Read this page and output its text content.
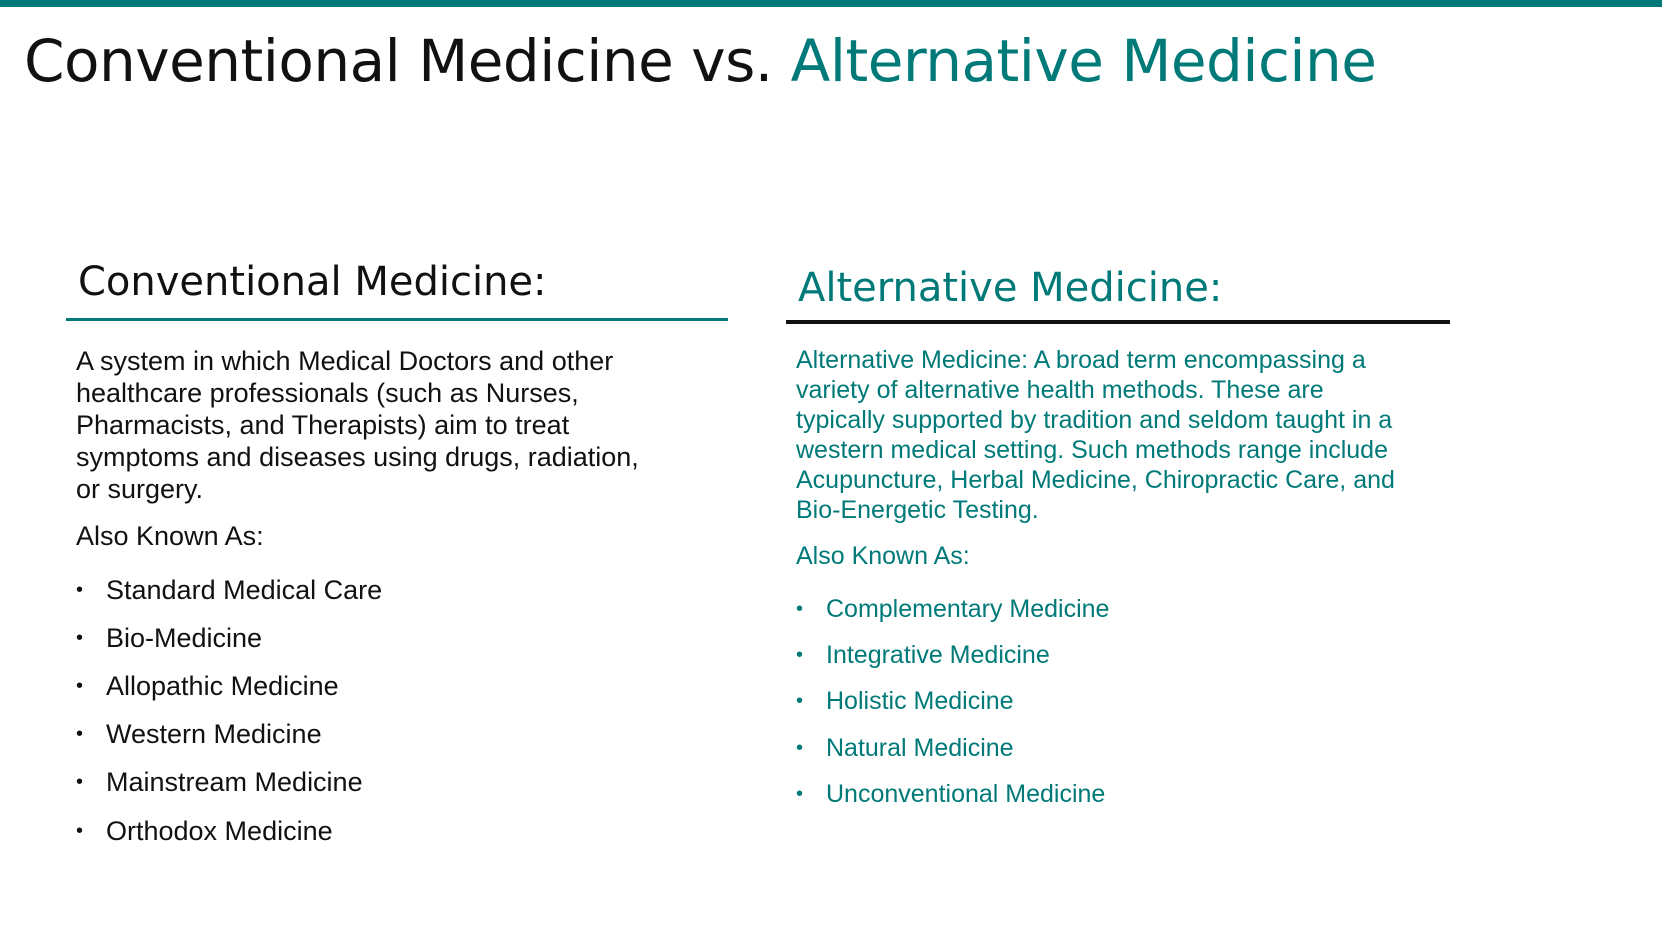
Conventional Medicine vs. Alternative Medicine
Conventional Medicine:

A system in which Medical Doctors and other
healthcare professionals (such as Nurses,
Pharmacists, and Therapists) aim to treat
symptoms and diseases using drugs, radiation,
or surgery.

Also Known As:

• Standard Medical Care
• Bio-Medicine
• Allopathic Medicine
• Western Medicine
• Mainstream Medicine
• Orthodox Medicine
Alternative Medicine:

Alternative Medicine: A broad term encompassing a
variety of alternative health methods. These are
typically supported by tradition and seldom taught in a
western medical setting. Such methods range include
Acupuncture, Herbal Medicine, Chiropractic Care, and
Bio-Energetic Testing.

Also Known As:

• Complementary Medicine
• Integrative Medicine
• Holistic Medicine
• Natural Medicine
• Unconventional Medicine
